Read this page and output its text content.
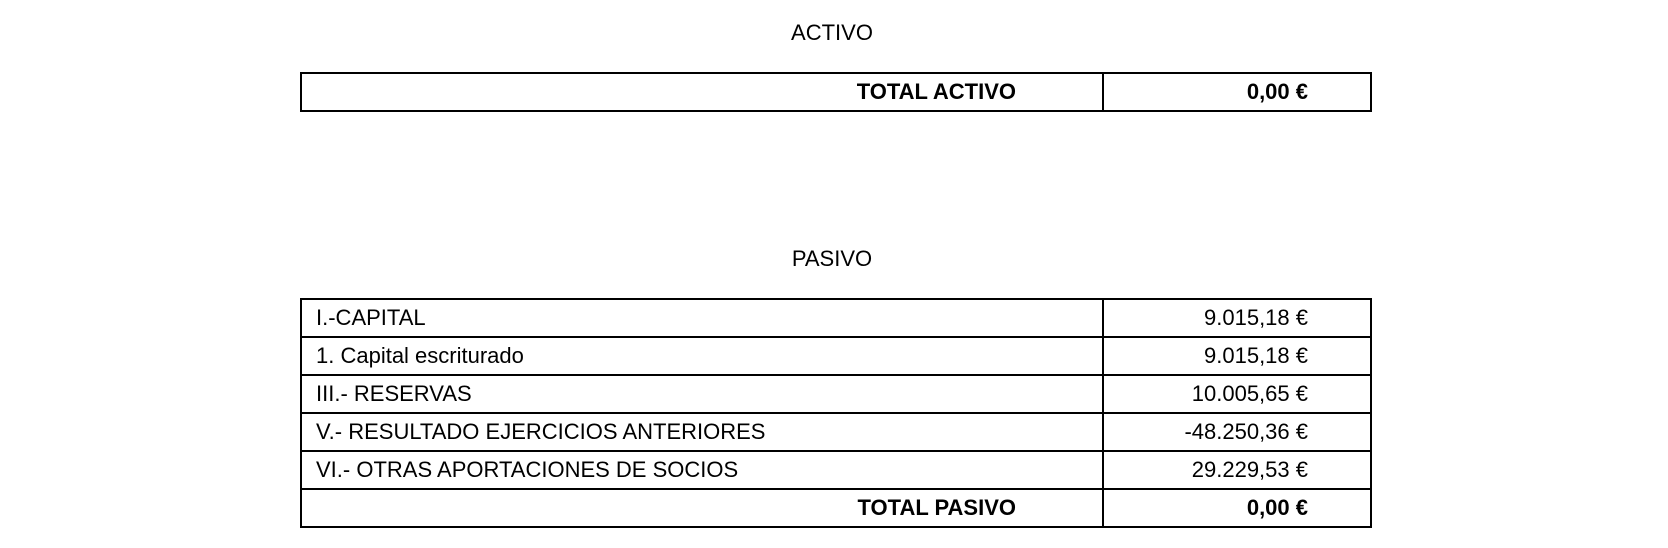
ACTIVO
TOTAL ACTIVO	0,00 €
PASIVO
I.-CAPITAL	9.015,18 €
1. Capital escriturado	9.015,18 €
III.- RESERVAS	10.005,65 €
V.- RESULTADO EJERCICIOS ANTERIORES	-48.250,36 €
VI.- OTRAS APORTACIONES DE SOCIOS	29.229,53 €
TOTAL PASIVO	0,00 €
